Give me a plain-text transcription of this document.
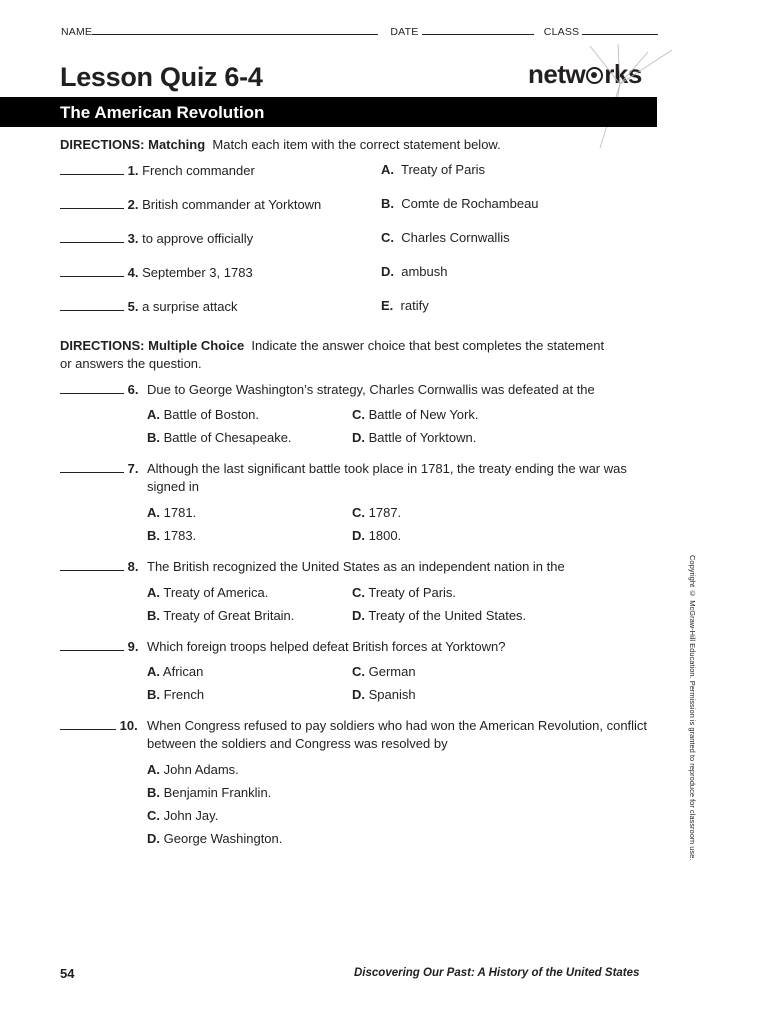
NAME	DATE	CLASS
Lesson Quiz 6-4	netw rks
The American Revolution
DIRECTIONS: Matching Match each item with the correct statement below.
1. French commander	A. Treaty of Paris
2. British commander at Yorktown	B. Comte de Rochambeau
3. to approve officially	C. Charles Cornwallis
4. September 3, 1783	D. ambush
5. a surprise attack	E. ratify
DIRECTIONS: Multiple Choice Indicate the answer choice that best completes the statement or answers the question.
6. Due to George Washington’s strategy, Charles Cornwallis was defeated at the
A. Battle of Boston.
B. Battle of Chesapeake.
C. Battle of New York.
D. Battle of Yorktown.
7. Although the last significant battle took place in 1781, the treaty ending the war was signed in
A. 1781.
B. 1783.
C. 1787.
D. 1800.
8. The British recognized the United States as an independent nation in the
A. Treaty of America.
B. Treaty of Great Britain.
C. Treaty of Paris.
D. Treaty of the United States.
9. Which foreign troops helped defeat British forces at Yorktown?
A. African
B. French
C. German
D. Spanish
10. When Congress refused to pay soldiers who had won the American Revolution, conflict between the soldiers and Congress was resolved by
A. John Adams.
B. Benjamin Franklin.
C. John Jay.
D. George Washington.	Copyright © McGraw-Hill Education. Permission is granted to reproduce for classroom use.
54	Discovering Our Past: A History of the United States
